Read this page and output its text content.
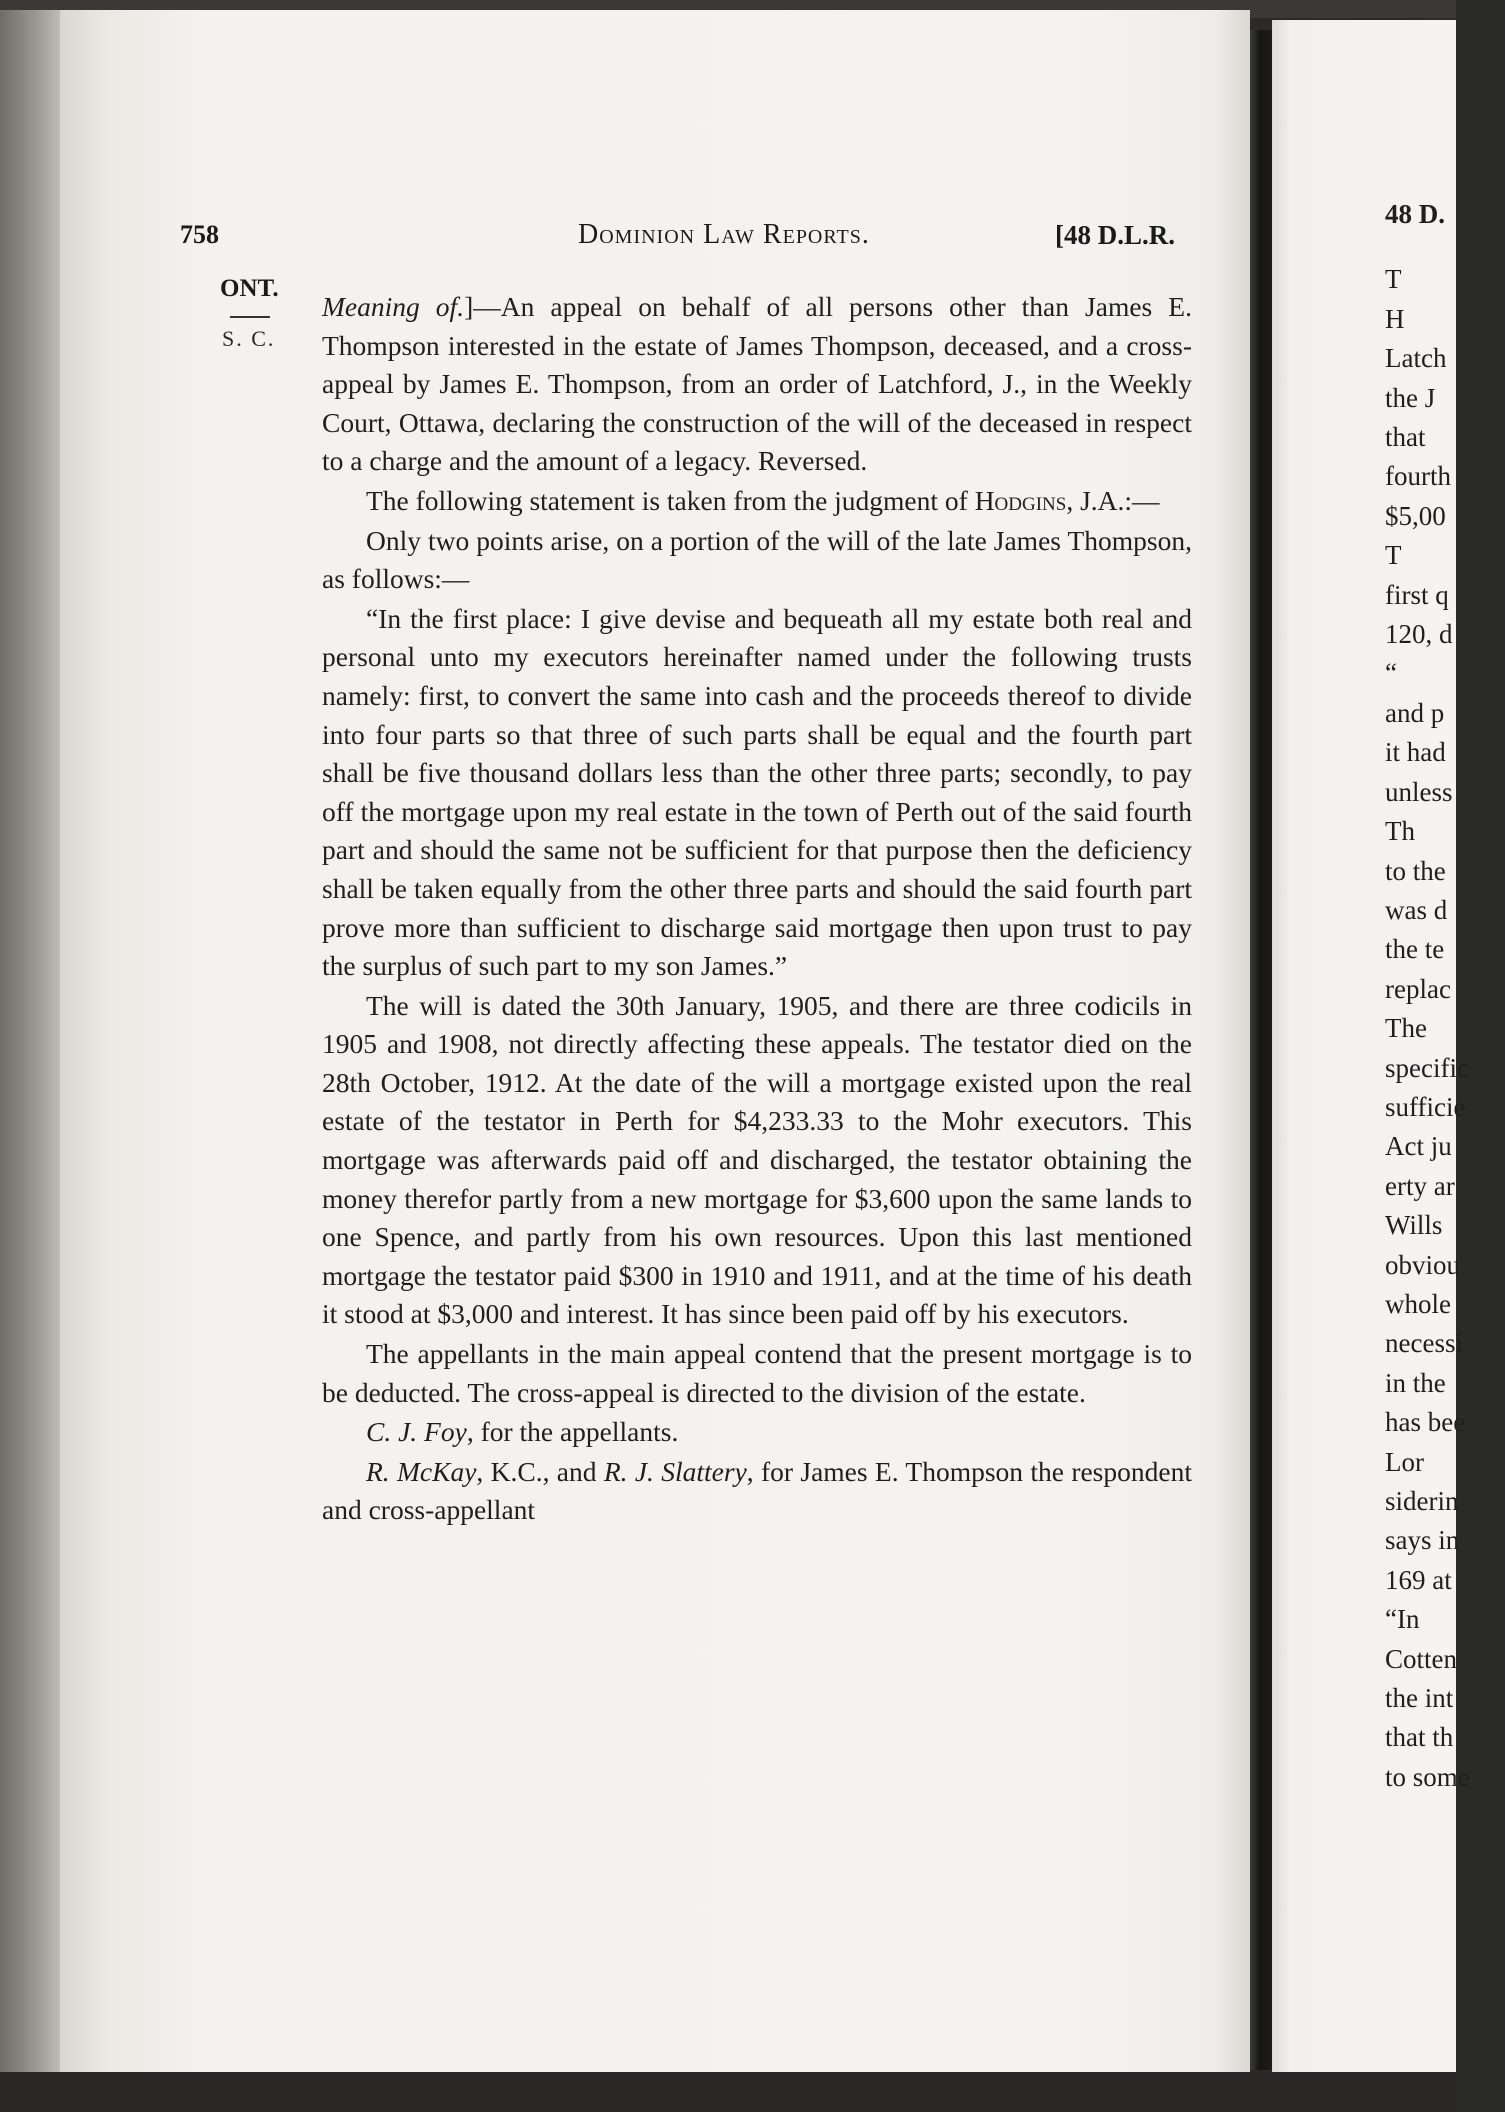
758	Dominion Law Reports.	[48 D.L.R.
ONT.
S. C.

Meaning of.]—An appeal on behalf of all persons other than James E. Thompson interested in the estate of James Thompson, deceased, and a cross-appeal by James E. Thompson, from an order of Latchford, J., in the Weekly Court, Ottawa, declaring the construction of the will of the deceased in respect to a charge and the amount of a legacy. Reversed.

The following statement is taken from the judgment of Hodgins, J.A.:—

Only two points arise, on a portion of the will of the late James Thompson, as follows:—

“In the first place: I give devise and bequeath all my estate both real and personal unto my executors hereinafter named under the following trusts namely: first, to convert the same into cash and the proceeds thereof to divide into four parts so that three of such parts shall be equal and the fourth part shall be five thousand dollars less than the other three parts; secondly, to pay off the mortgage upon my real estate in the town of Perth out of the said fourth part and should the same not be sufficient for that purpose then the deficiency shall be taken equally from the other three parts and should the said fourth part prove more than sufficient to discharge said mortgage then upon trust to pay the surplus of such part to my son James.”

The will is dated the 30th January, 1905, and there are three codicils in 1905 and 1908, not directly affecting these appeals. The testator died on the 28th October, 1912. At the date of the will a mortgage existed upon the real estate of the testator in Perth for $4,233.33 to the Mohr executors. This mortgage was afterwards paid off and discharged, the testator obtaining the money therefor partly from a new mortgage for $3,600 upon the same lands to one Spence, and partly from his own resources. Upon this last mentioned mortgage the testator paid $300 in 1910 and 1911, and at the time of his death it stood at $3,000 and interest. It has since been paid off by his executors.

The appellants in the main appeal contend that the present mortgage is to be deducted. The cross-appeal is directed to the division of the estate.

C. J. Foy, for the appellants.

R. McKay, K.C., and R. J. Slattery, for James E. Thompson the respondent and cross-appellant

48 D.
T
H
Latch
the J
that
fourth
$5,00
T
first q
120, d
“
and p
it had
unless
Th
to the
was d
the te
replac
The
specific
sufficie
Act ju
erty ar
Wills
obviou
whole
necessi
in the
has bee
Lor
siderin
says in
169 at
“In
Cotten
the int
that th
to some
